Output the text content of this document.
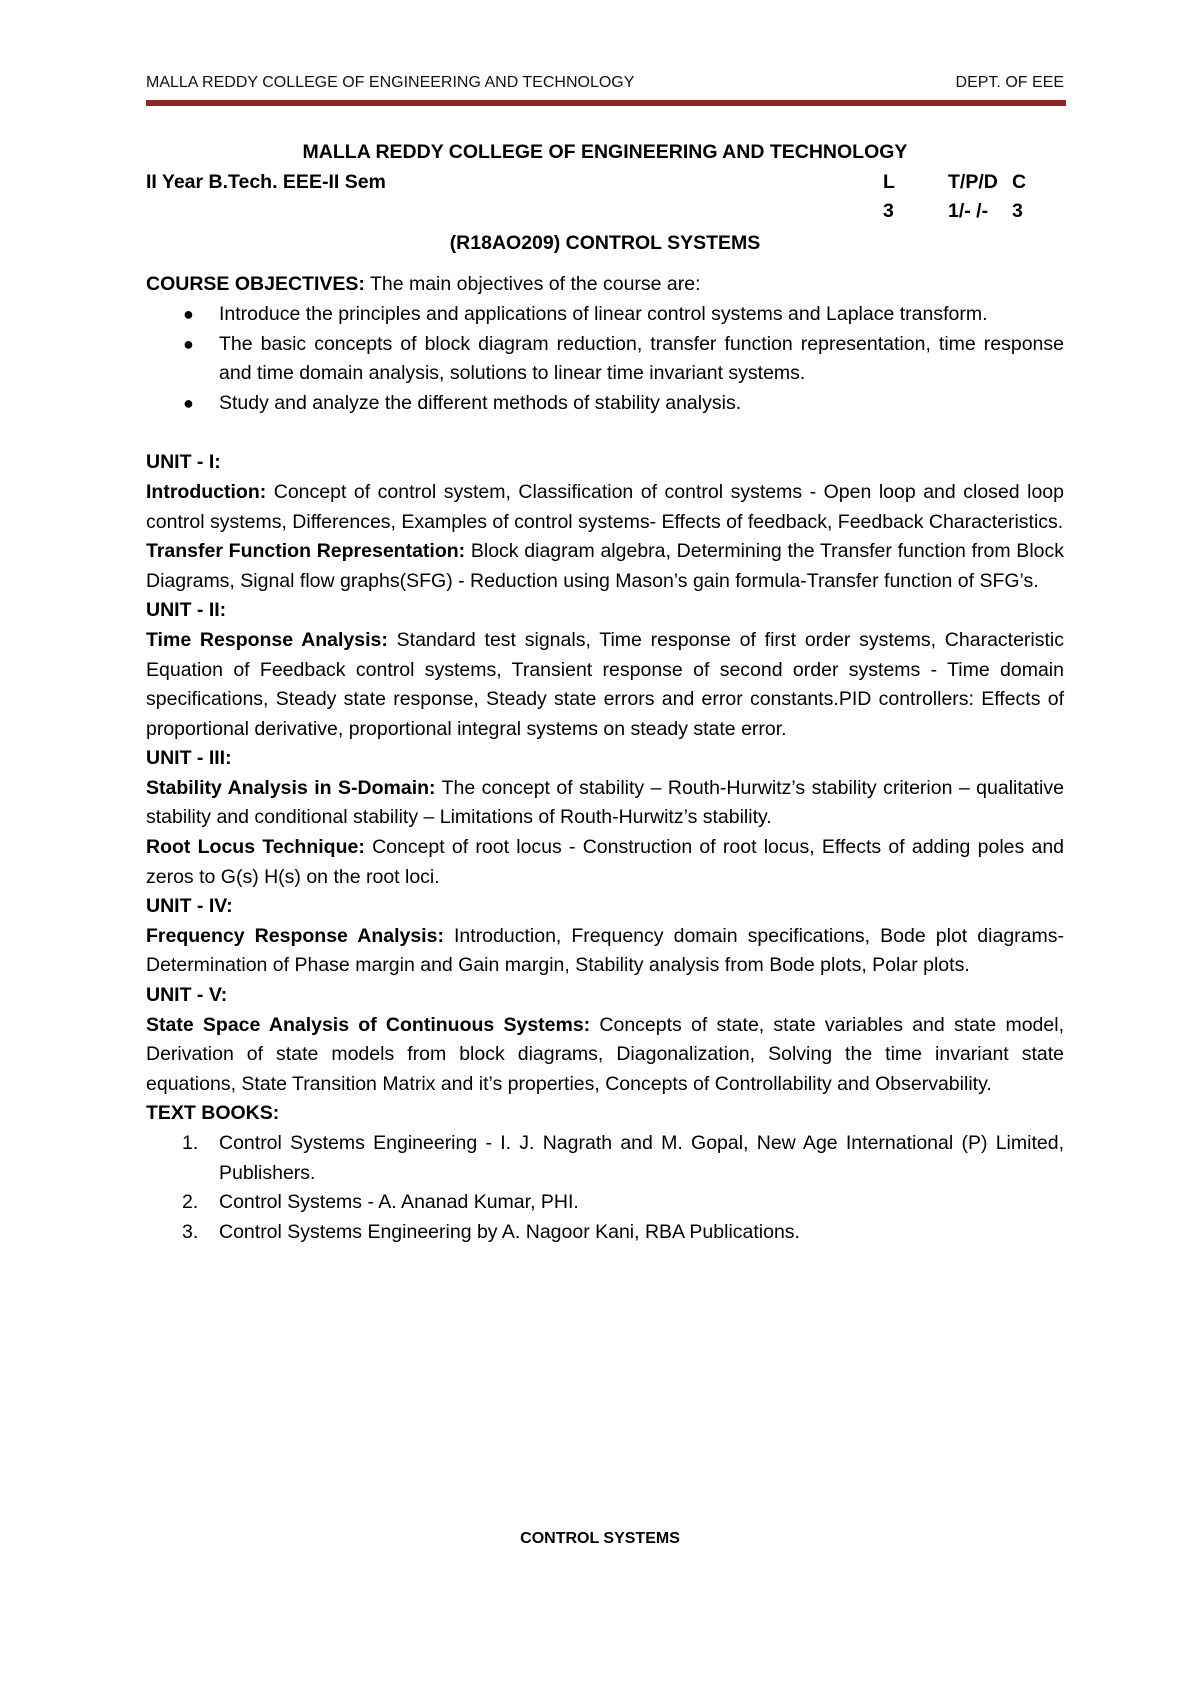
MALLA REDDY COLLEGE OF ENGINEERING AND TECHNOLOGY	DEPT. OF EEE
MALLA REDDY COLLEGE OF ENGINEERING AND TECHNOLOGY
II Year B.Tech. EEE-II Sem	L	T/P/D C
3	1/- /-	3
(R18AO209) CONTROL SYSTEMS
COURSE OBJECTIVES: The main objectives of the course are:
● Introduce the principles and applications of linear control systems and Laplace transform.
● The basic concepts of block diagram reduction, transfer function representation, time response and time domain analysis, solutions to linear time invariant systems.
● Study and analyze the different methods of stability analysis.
UNIT - I:

Introduction: Concept of control system, Classification of control systems - Open loop and closed loop control systems, Differences, Examples of control systems- Effects of feedback, Feedback Characteristics.

Transfer Function Representation: Block diagram algebra, Determining the Transfer function from Block Diagrams, Signal flow graphs(SFG) - Reduction using Mason’s gain formula-Transfer function of SFG’s.

UNIT - II:

Time Response Analysis: Standard test signals, Time response of first order systems, Characteristic Equation of Feedback control systems, Transient response of second order systems - Time domain specifications, Steady state response, Steady state errors and error constants.PID controllers: Effects of proportional derivative, proportional integral systems on steady state error.

UNIT - III:

Stability Analysis in S-Domain: The concept of stability – Routh-Hurwitz’s stability criterion – qualitative stability and conditional stability – Limitations of Routh-Hurwitz’s stability.

Root Locus Technique: Concept of root locus - Construction of root locus, Effects of adding poles and zeros to G(s) H(s) on the root loci.

UNIT - IV:

Frequency Response Analysis: Introduction, Frequency domain specifications, Bode plot diagrams-Determination of Phase margin and Gain margin, Stability analysis from Bode plots, Polar plots.

UNIT - V:

State Space Analysis of Continuous Systems: Concepts of state, state variables and state model, Derivation of state models from block diagrams, Diagonalization, Solving the time invariant state equations, State Transition Matrix and it’s properties, Concepts of Controllability and Observability.

TEXT BOOKS:
1. Control Systems Engineering - I. J. Nagrath and M. Gopal, New Age International (P) Limited, Publishers.
2. Control Systems - A. Ananad Kumar, PHI.
3. Control Systems Engineering by A. Nagoor Kani, RBA Publications.
CONTROL SYSTEMS
